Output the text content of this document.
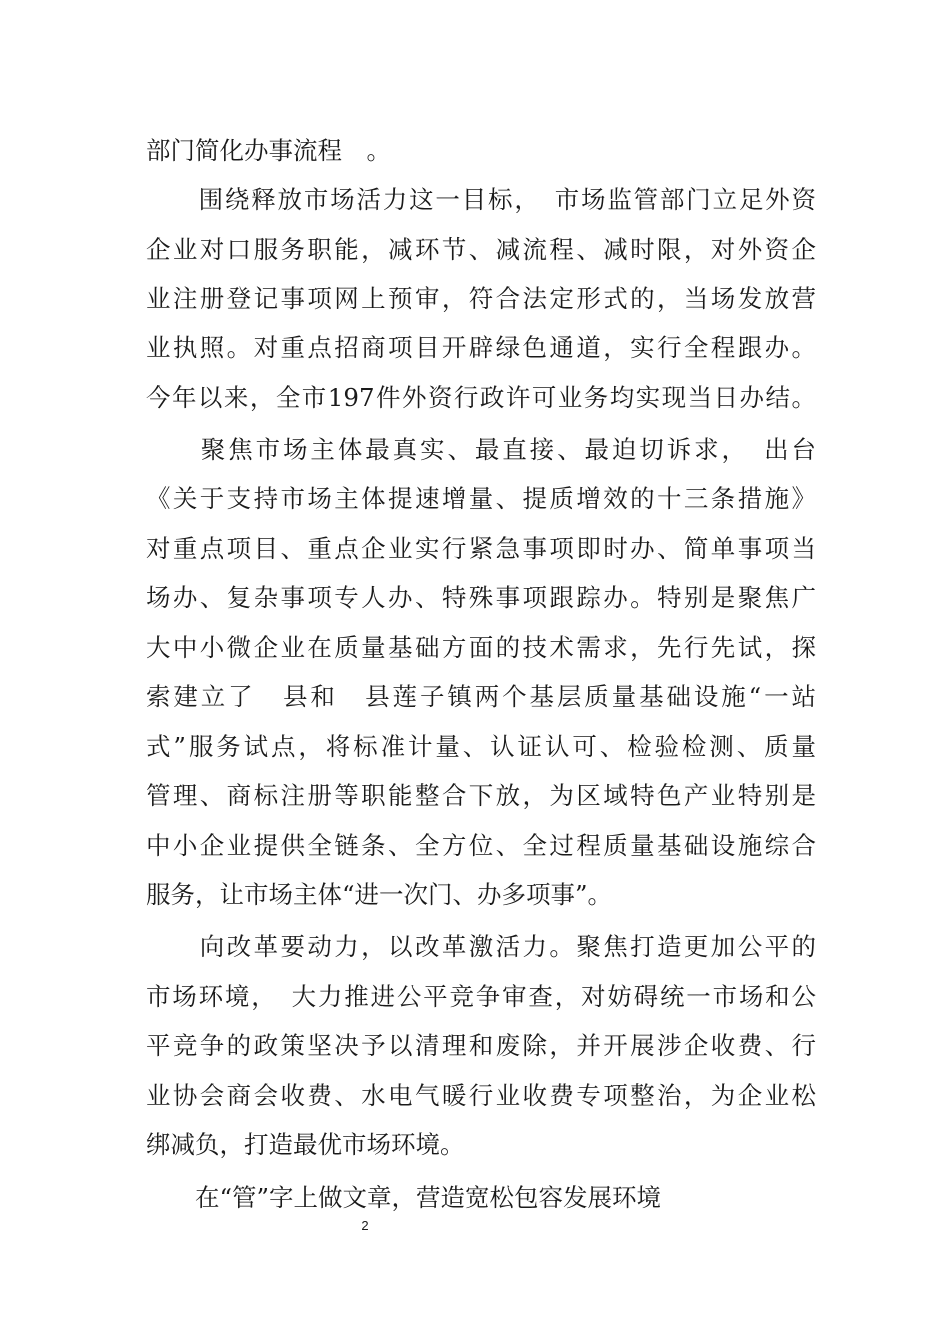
部门简化办事流程　。
　　围绕释放市场活力这一目标，　市场监管部门立足外资
企业对口服务职能，减环节、减流程、减时限，对外资企
业注册登记事项网上预审，符合法定形式的，当场发放营
业执照。对重点招商项目开辟绿色通道，实行全程跟办。
今年以来，全市197件外资行政许可业务均实现当日办结。
　　聚焦市场主体最真实、最直接、最迫切诉求，　出台
《关于支持市场主体提速增量、提质增效的十三条措施》
对重点项目、重点企业实行紧急事项即时办、简单事项当
场办、复杂事项专人办、特殊事项跟踪办。特别是聚焦广
大中小微企业在质量基础方面的技术需求，先行先试，探
索建立了　县和　县莲子镇两个基层质量基础设施“一站
式”服务试点，将标准计量、认证认可、检验检测、质量
管理、商标注册等职能整合下放，为区域特色产业特别是
中小企业提供全链条、全方位、全过程质量基础设施综合
服务，让市场主体“进一次门、办多项事”。
　　向改革要动力，以改革激活力。聚焦打造更加公平的
市场环境，　大力推进公平竞争审查，对妨碍统一市场和公
平竞争的政策坚决予以清理和废除，并开展涉企收费、行
业协会商会收费、水电气暖行业收费专项整治，为企业松
绑减负，打造最优市场环境。
　　在“管”字上做文章，营造宽松包容发展环境
2
